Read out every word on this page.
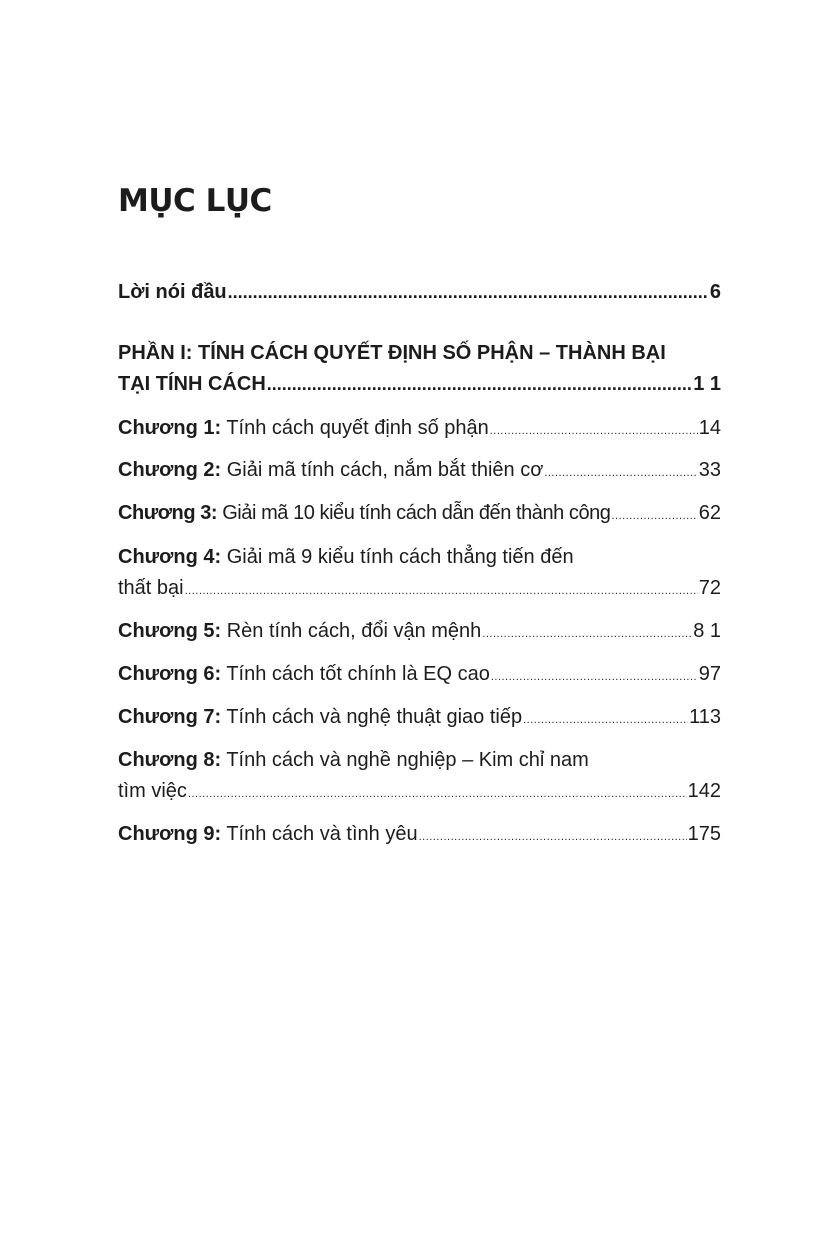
MỤC LỤC
Lời nói đầu .....	6
PHẦN I: TÍNH CÁCH QUYẾT ĐỊNH SỐ PHẬN – THÀNH BẠI
TẠI TÍNH CÁCH .....	1 1
Chương 1: Tính cách quyết định số phận .....	14
Chương 2: Giải mã tính cách, nắm bắt thiên cơ .....	33
Chương 3: Giải mã 10 kiểu tính cách dẫn đến thành công .....	62
Chương 4: Giải mã 9 kiểu tính cách thẳng tiến đến
thất bại .....	72
Chương 5: Rèn tính cách, đổi vận mệnh .....	8 1
Chương 6: Tính cách tốt chính là EQ cao .....	97
Chương 7: Tính cách và nghệ thuật giao tiếp .....	113
Chương 8: Tính cách và nghề nghiệp – Kim chỉ nam
tìm việc .....	142
Chương 9: Tính cách và tình yêu .....	175
